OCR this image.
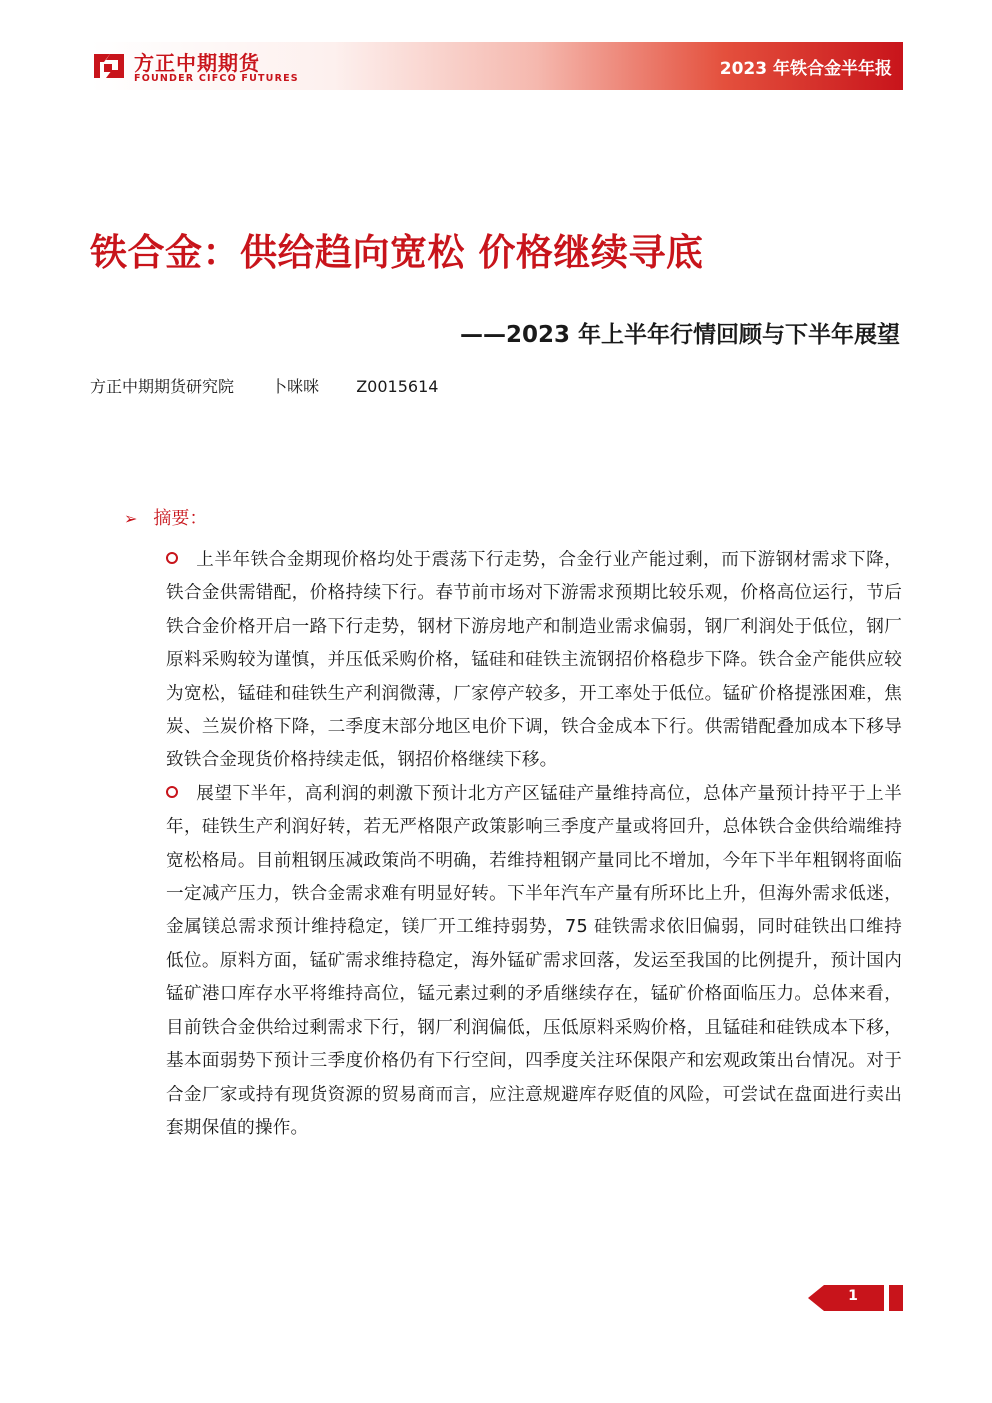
方正中期期货
FOUNDER CIFCO FUTURES	2023 年铁合金半年报
铁合金：供给趋向宽松 价格继续寻底
——2023 年上半年行情回顾与下半年展望
方正中期期货研究院 卜咪咪 Z0015614
➢ 摘要：

上半年铁合金期现价格均处于震荡下行走势，合金行业产能过剩，而下游钢材需求下降，铁合金供需错配，价格持续下行。春节前市场对下游需求预期比较乐观，价格高位运行，节后铁合金价格开启一路下行走势，钢材下游房地产和制造业需求偏弱，钢厂利润处于低位，钢厂原料采购较为谨慎，并压低采购价格，锰硅和硅铁主流钢招价格稳步下降。铁合金产能供应较为宽松，锰硅和硅铁生产利润微薄，厂家停产较多，开工率处于低位。锰矿价格提涨困难，焦炭、兰炭价格下降，二季度末部分地区电价下调，铁合金成本下行。供需错配叠加成本下移导致铁合金现货价格持续走低，钢招价格继续下移。

展望下半年，高利润的刺激下预计北方产区锰硅产量维持高位，总体产量预计持平于上半年，硅铁生产利润好转，若无严格限产政策影响三季度产量或将回升，总体铁合金供给端维持宽松格局。目前粗钢压减政策尚不明确，若维持粗钢产量同比不增加，今年下半年粗钢将面临一定减产压力，铁合金需求难有明显好转。下半年汽车产量有所环比上升，但海外需求低迷，金属镁总需求预计维持稳定，镁厂开工维持弱势，75 硅铁需求依旧偏弱，同时硅铁出口维持低位。原料方面，锰矿需求维持稳定，海外锰矿需求回落，发运至我国的比例提升，预计国内锰矿港口库存水平将维持高位，锰元素过剩的矛盾继续存在，锰矿价格面临压力。总体来看，目前铁合金供给过剩需求下行，钢厂利润偏低，压低原料采购价格，且锰硅和硅铁成本下移，基本面弱势下预计三季度价格仍有下行空间，四季度关注环保限产和宏观政策出台情况。对于合金厂家或持有现货资源的贸易商而言，应注意规避库存贬值的风险，可尝试在盘面进行卖出套期保值的操作。

1
